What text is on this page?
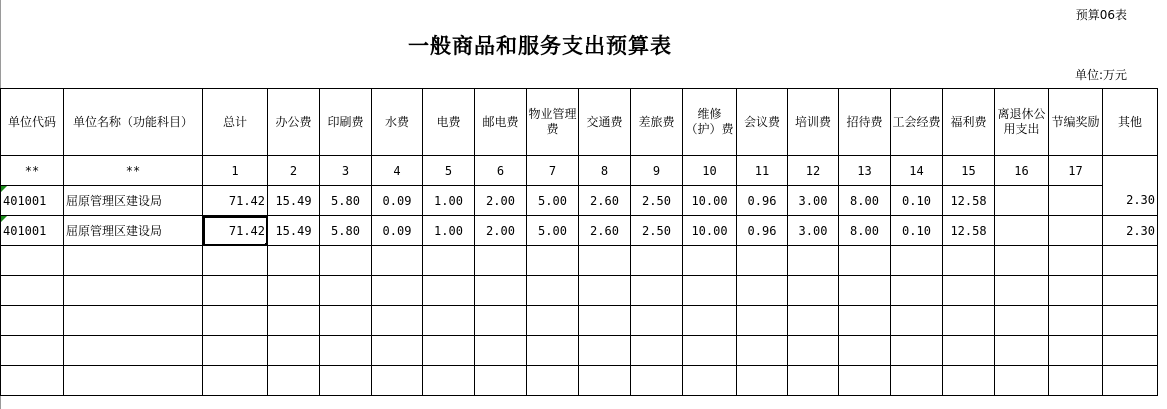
预算06表
一般商品和服务支出预算表
单位:万元
单位代码	单位名称（功能科目）	总计	办公费	印刷费	水费	电费	邮电费	物业管理费	交通费	差旅费	维修（护）费	会议费	培训费	招待费	工会经费	福利费	离退休公用支出	节编奖励	其他
**	**	1	2	3	4	5	6	7	8	9	10	11	12	13	14	15	16	17	
401001	屈原管理区建设局	71.42	15.49	5.80	0.09	1.00	2.00	5.00	2.60	2.50	10.00	0.96	3.00	8.00	0.10	12.58			2.30
401001	屈原管理区建设局	71.42	15.49	5.80	0.09	1.00	2.00	5.00	2.60	2.50	10.00	0.96	3.00	8.00	0.10	12.58			2.30
